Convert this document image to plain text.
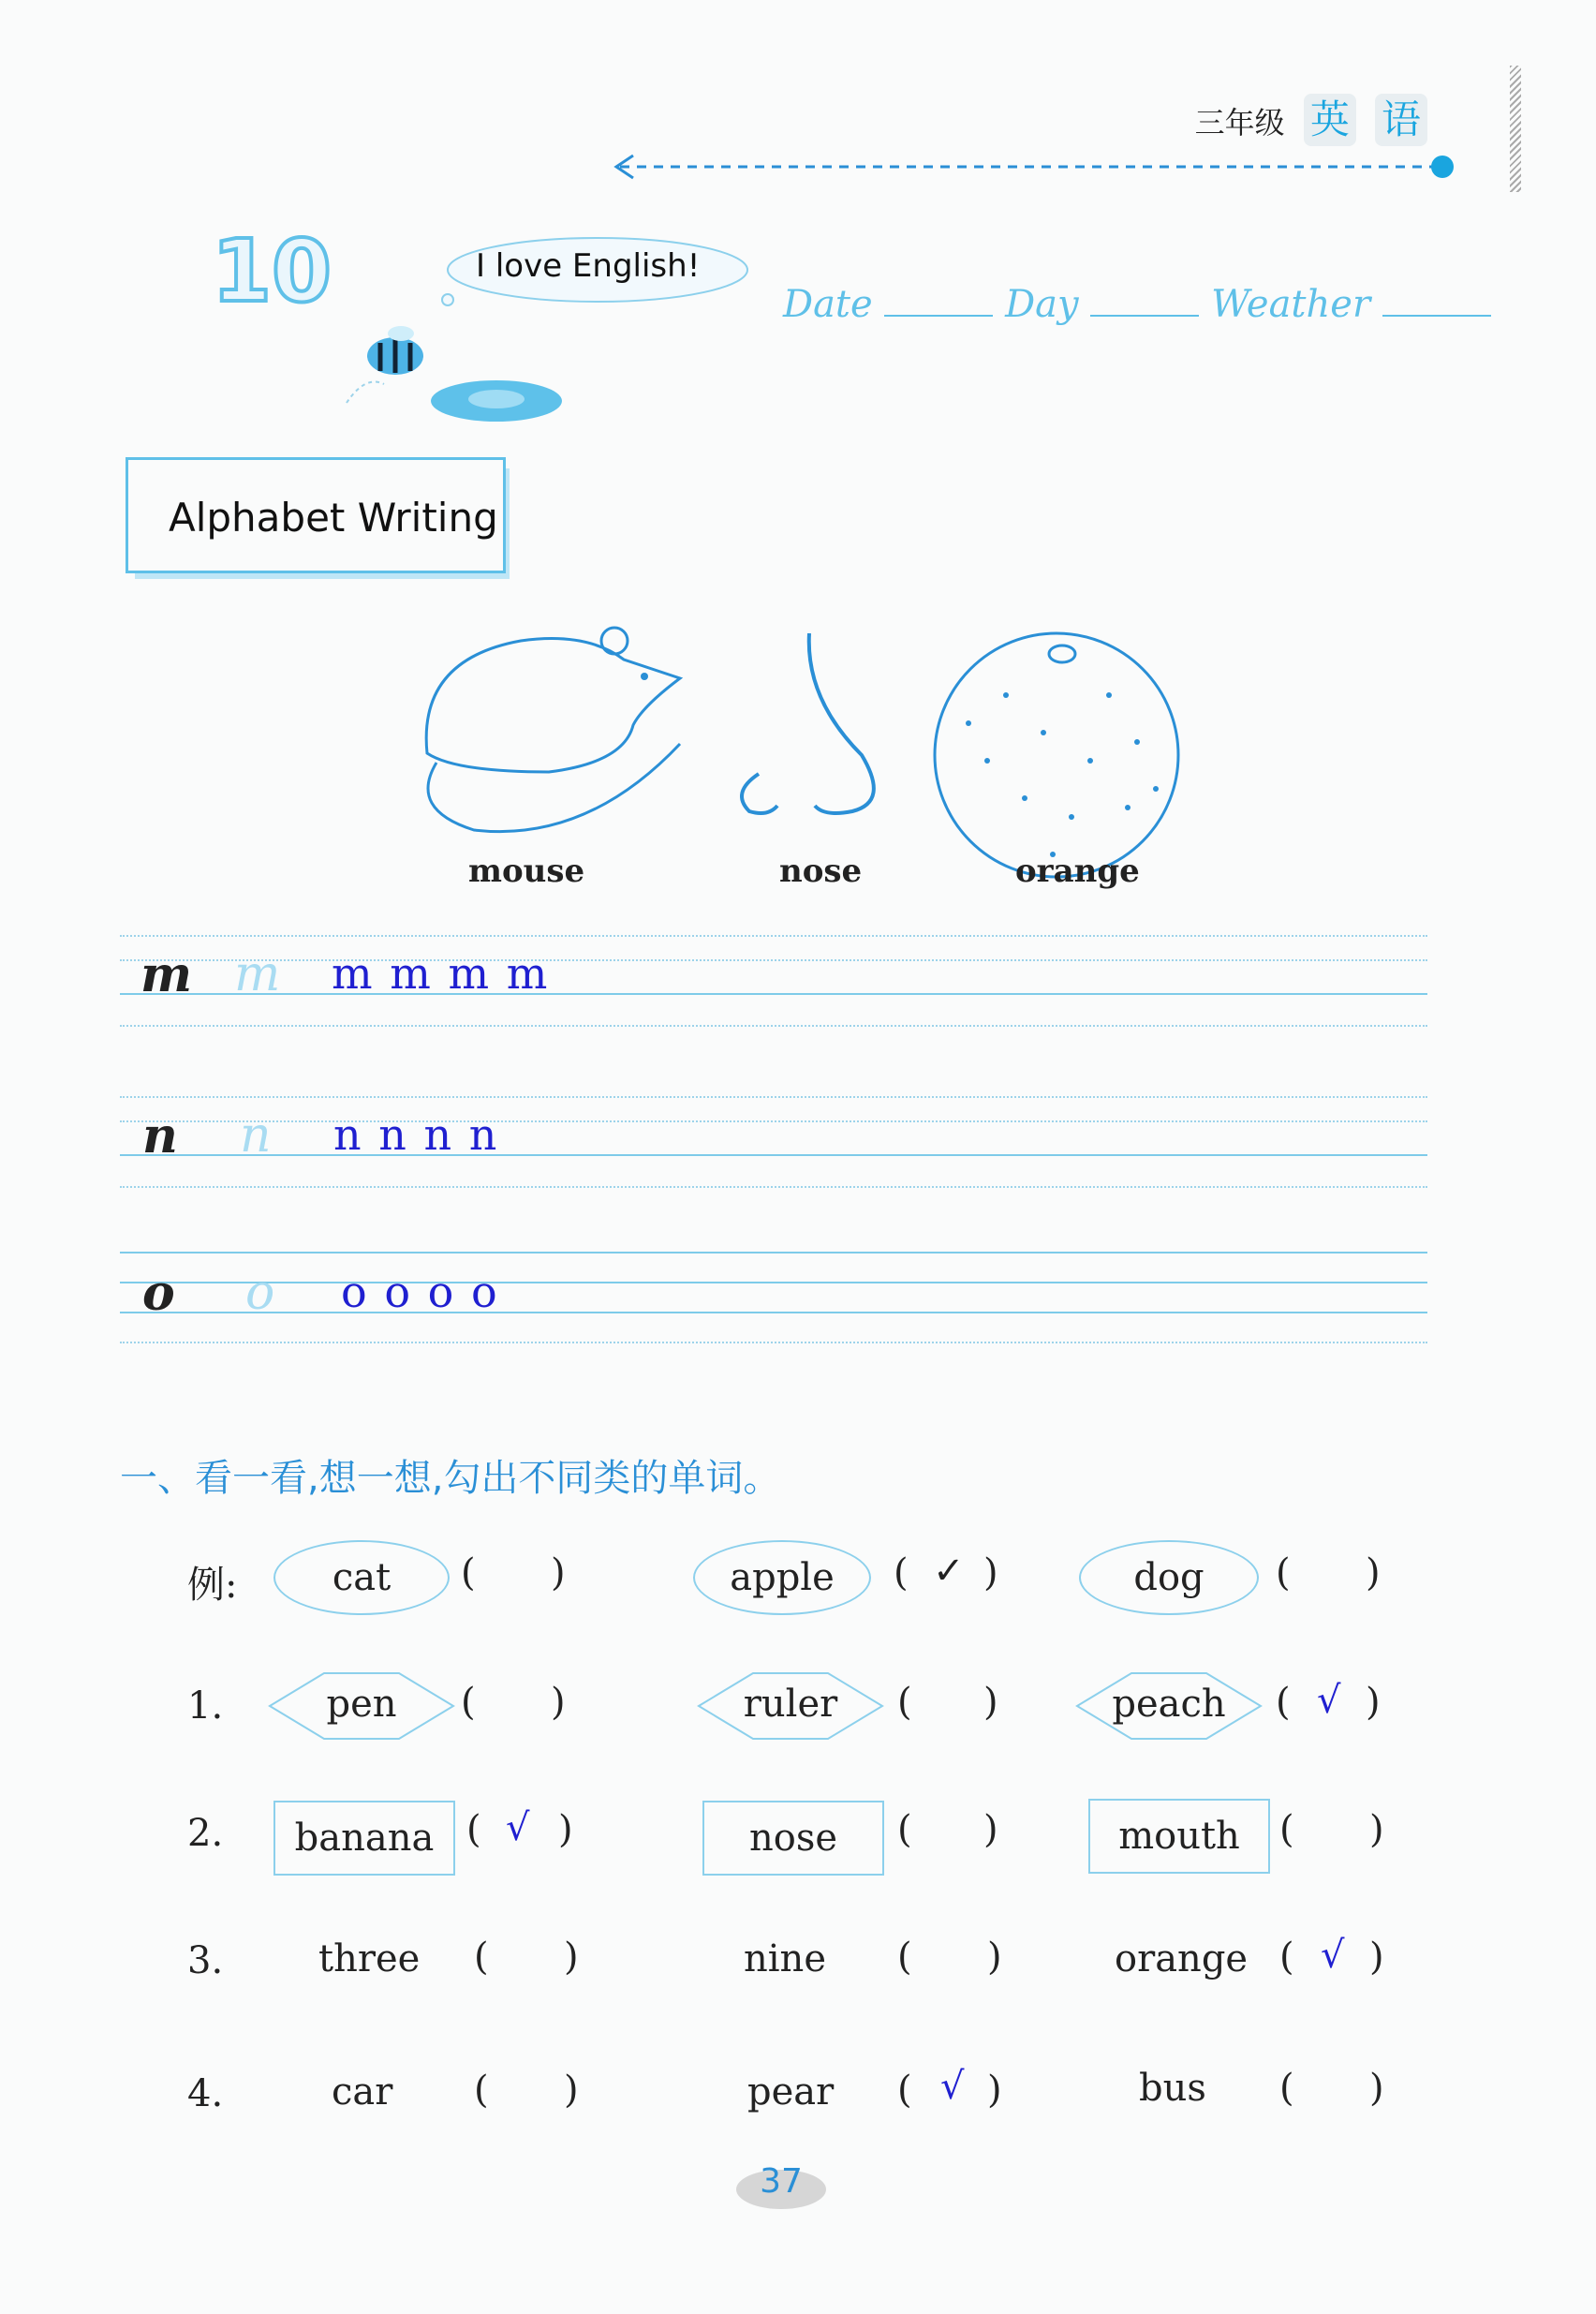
三年级 英 语
10	I love English!
Date	Day	Weather
Alphabet Writing
mouse	nose	orange
m m m m m m
n n n n n n
o o o o o o
一、看一看,想一想,勾出不同类的单词。
例:	cat	( )	apple	( ✓ )	dog	( )
1.	pen	( )	ruler	( )	peach	( √ )
2.	banana ( √ )	nose	( )	mouth	( )
3.	three ( )	nine ( )	orange ( √ )
4.	car ( )	pear ( √ )	bus ( )
37
